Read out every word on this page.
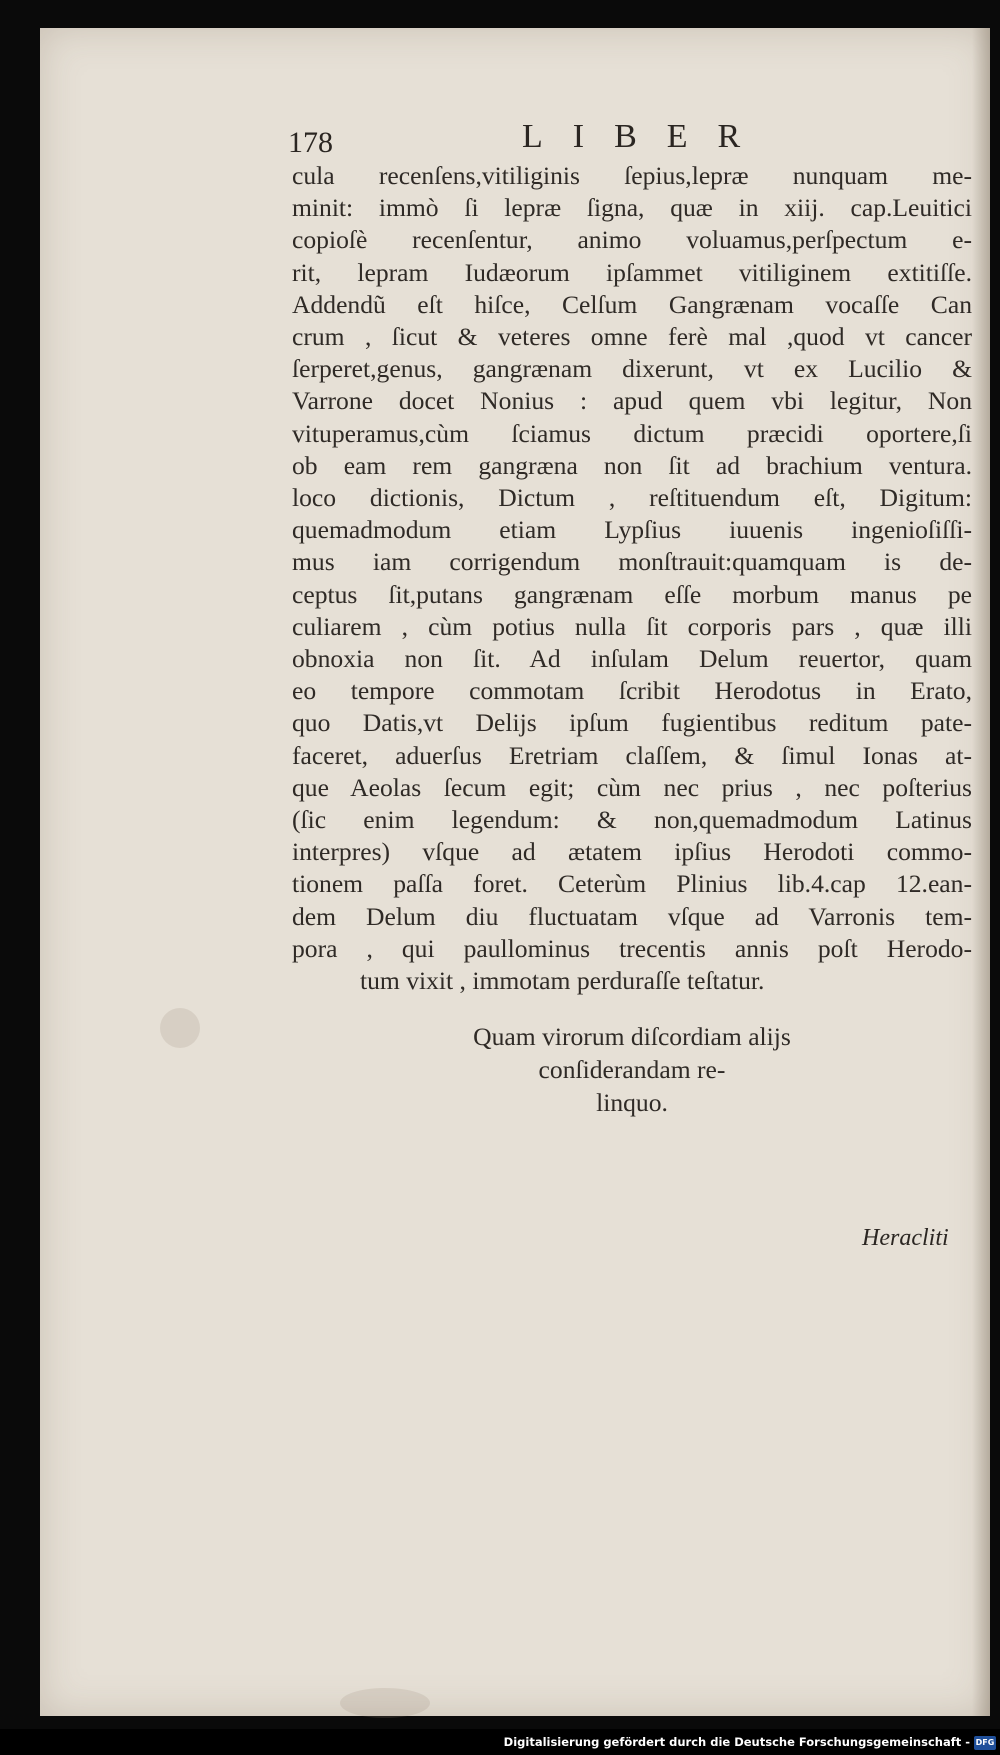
178	LIBER
cula recenſens,vitiliginis ſepius,lepræ nunquam me-
minit: immò ſi lepræ ſigna, quæ in xiij. cap.Leuitici
copioſè recenſentur, animo voluamus,perſpectum e-
rit, lepram Iudæorum ipſammet vitiliginem extitiſſe.
Addendũ eſt hiſce, Celſum Gangrænam vocaſſe Can
crum , ſicut & veteres omne ferè mal ,quod vt cancer
ſerperet,genus, gangrænam dixerunt, vt ex Lucilio &
Varrone docet Nonius : apud quem vbi legitur, Non
vituperamus,cùm ſciamus dictum præcidi oportere,ſi
ob eam rem gangræna non ſit ad brachium ventura.
loco dictionis, Dictum , reſtituendum eſt, Digitum:
quemadmodum etiam Lypſius iuuenis ingenioſiſſi-
mus iam corrigendum monſtrauit:quamquam is de-
ceptus ſit,putans gangrænam eſſe morbum manus pe
culiarem , cùm potius nulla ſit corporis pars , quæ illi
obnoxia non ſit. Ad inſulam Delum reuertor, quam
eo tempore commotam ſcribit Herodotus in Erato,
quo Datis,vt Delijs ipſum fugientibus reditum pate-
faceret, aduerſus Eretriam claſſem, & ſimul Ionas at-
que Aeolas ſecum egit; cùm nec prius , nec poſterius
(ſic enim legendum: & non,quemadmodum Latinus
interpres) vſque ad ætatem ipſius Herodoti commo-
tionem paſſa foret. Ceterùm Plinius lib.4.cap 12.ean-
dem Delum diu fluctuatam vſque ad Varronis tem-
pora , qui paullominus trecentis annis poſt Herodo-
tum vixit , immotam perduraſſe teſtatur.
Quam virorum diſcordiam alijs
conſiderandam re-
linquo.
Heracliti
Digitalisierung gefördert durch die Deutsche Forschungsgemeinschaft - DFG
